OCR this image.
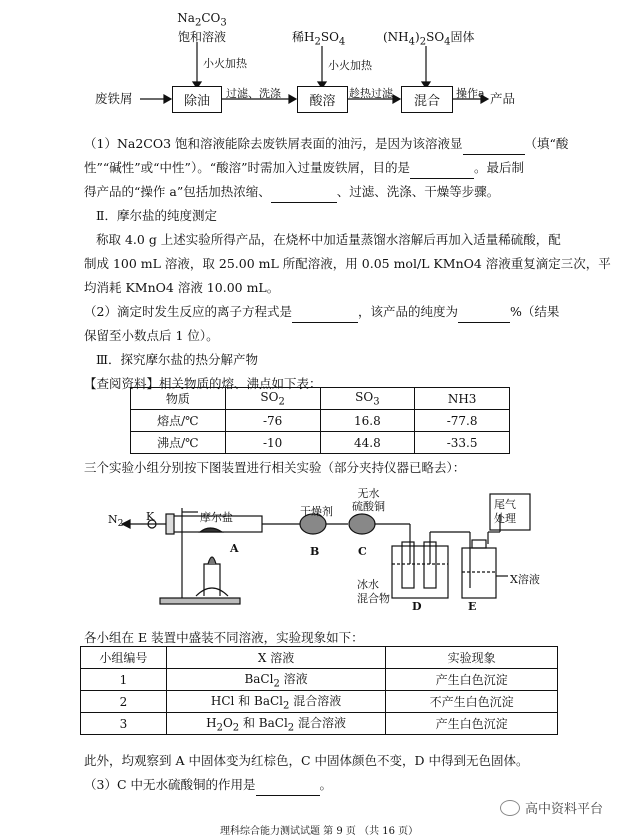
$Na_2CO_3$
饱和溶液	稀$H_2SO_4$	$(NH_4)_2SO_4$固体
小火加热	小火加热
废铁屑	除油	酸溶	混合
过滤、洗涤	趁热过滤	操作a 产品
（1）Na2CO3 饱和溶液能除去废铁屑表面的油污，是因为该溶液显	（填“酸
性”“碱性”或“中性”）。“酸溶”时需加入过量废铁屑，目的是	。最后制
得产品的“操作 a”包括加热浓缩、	、过滤、洗涤、干燥等步骤。
Ⅱ．摩尔盐的纯度测定
称取 4.0 g 上述实验所得产品，在烧杯中加适量蒸馏水溶解后再加入适量稀硫酸，配
制成 100 mL 溶液，取 25.00 mL 所配溶液，用 0.05 mol/L KMnO4 溶液重复滴定三次，平
均消耗 KMnO4 溶液 10.00 mL。
（2）滴定时发生反应的离子方程式是	，该产品的纯度为	%（结果
保留至小数点后 1 位）。
Ⅲ．探究摩尔盐的热分解产物
【查阅资料】相关物质的熔、沸点如下表：
物质	$SO_2$	$SO_3$	NH3
熔点/℃	-76	16.8	-77.8
沸点/℃	-10	44.8	-33.5
三个实验小组分别按下图装置进行相关实验（部分夹持仪器已略去）：
$N_2$
K	摩尔盐	干燥剂
无水
硫酸铜	尾气
处理
冰水
混合物
X溶液
A	B	C
D	E
各小组在 E 装置中盛装不同溶液，实验现象如下：
小组编号	X 溶液	实验现象
1	BaCl$_2$ 溶液	产生白色沉淀
2	HCl 和 BaCl$_2$ 混合溶液	不产生白色沉淀
3	$H_2O_2$ 和 BaCl$_2$ 混合溶液	产生白色沉淀
此外，均观察到 A 中固体变为红棕色，C 中固体颜色不变，D 中得到无色固体。
（3）C 中无水硫酸铜的作用是	。
高中资料平台
理科综合能力测试试题 第 9 页 （共 16 页）
